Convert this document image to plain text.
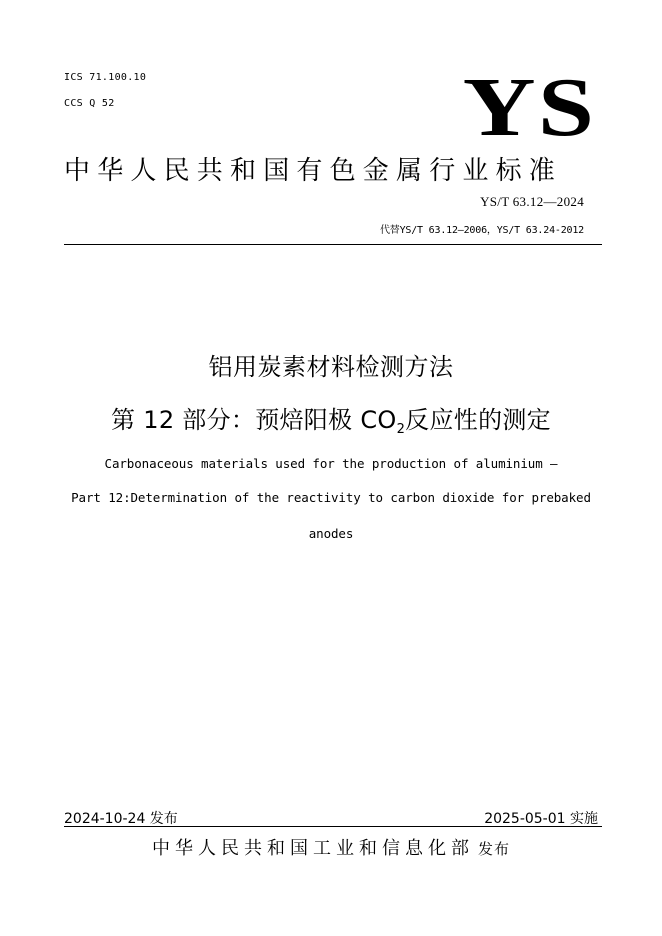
ICS 71.100.10
CCS Q 52	YS
中华人民共和国有色金属行业标准
YS/T 63.12—2024
代替YS/T 63.12—2006，YS/T 63.24-2012
铝用炭素材料检测方法
第 12 部分：预焙阳极 $CO_2$反应性的测定
Carbonaceous materials used for the production of aluminium –
Part 12:Determination of the reactivity to carbon dioxide for prebaked
anodes
2024-10-24 发布	2025-05-01 实施
中华人民共和国工业和信息化部 发布
